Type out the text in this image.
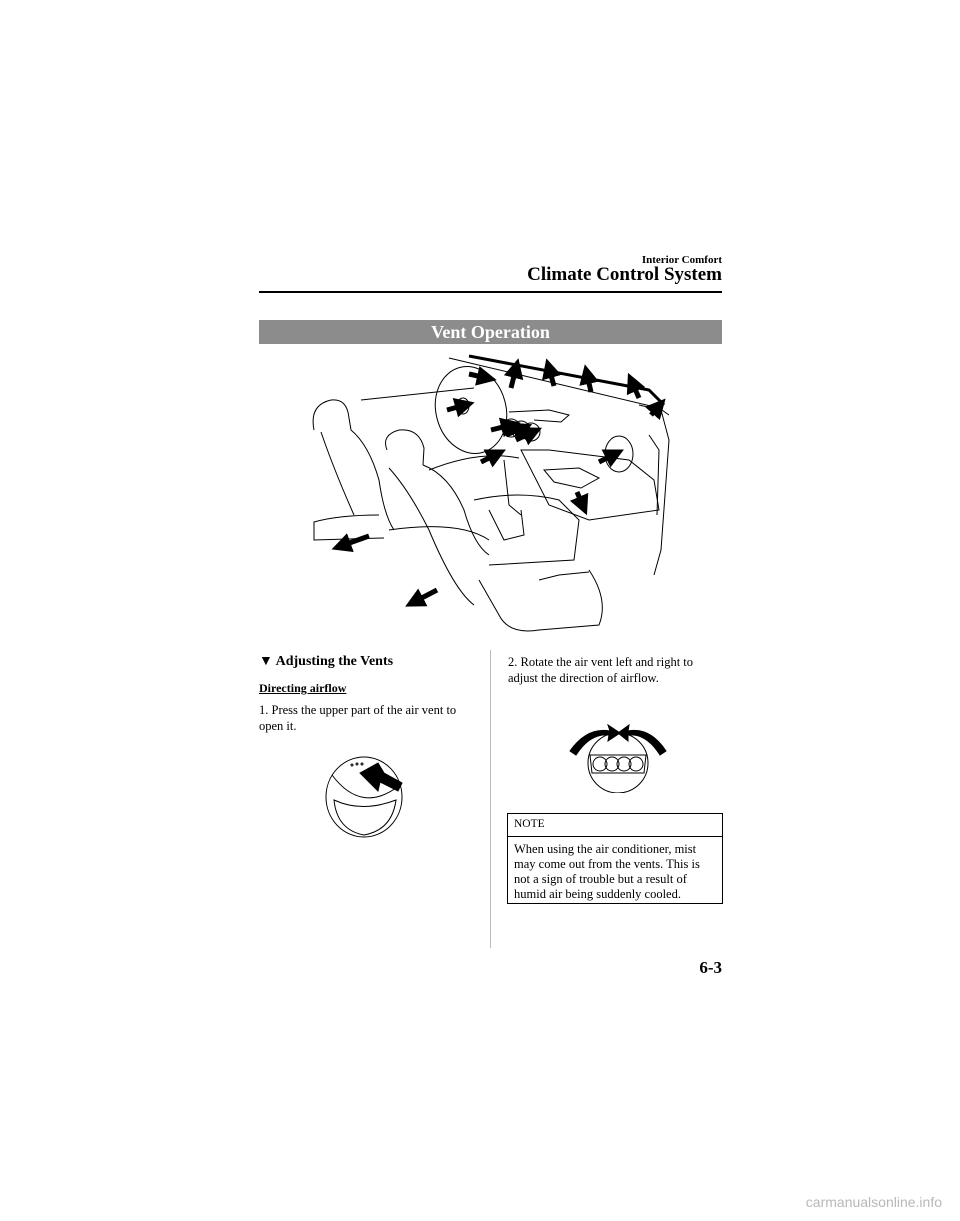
Interior Comfort
Climate Control System
Vent Operation
▼ Adjusting the Vents
Directing airflow
1. Press the upper part of the air vent to open it.
2. Rotate the air vent left and right to adjust the direction of airflow.
NOTE
When using the air conditioner, mist may come out from the vents. This is not a sign of trouble but a result of humid air being suddenly cooled.
6-3
carmanualsonline.info
